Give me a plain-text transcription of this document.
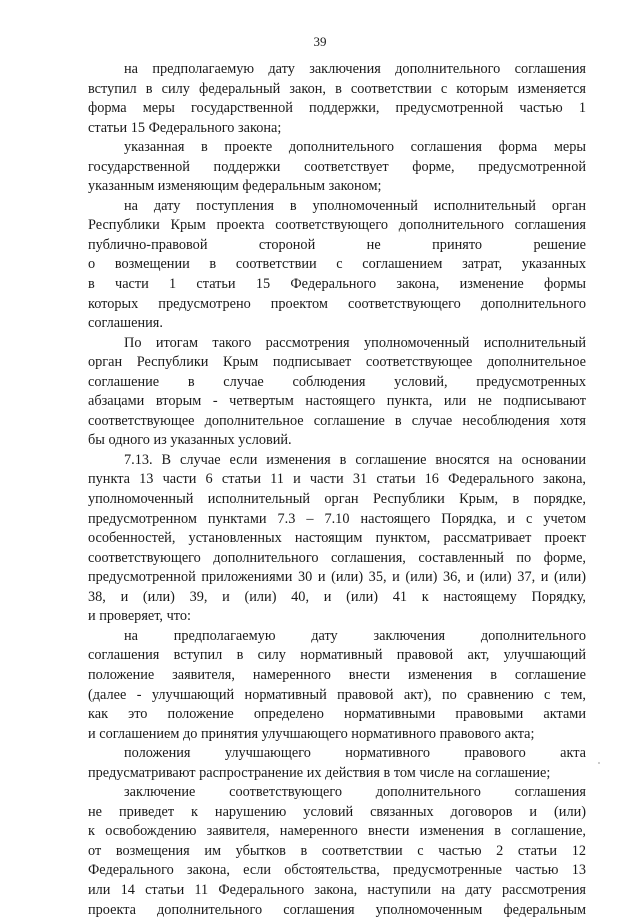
39
на предполагаемую дату заключения дополнительного соглашения
вступил в силу федеральный закон, в соответствии с которым изменяется
форма меры государственной поддержки, предусмотренной частью 1
статьи 15 Федерального закона;
указанная в проекте дополнительного соглашения форма меры
государственной поддержки соответствует форме, предусмотренной
указанным изменяющим федеральным законом;
на дату поступления в уполномоченный исполнительный орган
Республики Крым проекта соответствующего дополнительного соглашения
публично-правовой стороной не принято решение
о возмещении в соответствии с соглашением затрат, указанных
в части 1 статьи 15 Федерального закона, изменение формы
которых предусмотрено проектом соответствующего дополнительного
соглашения.
По итогам такого рассмотрения уполномоченный исполнительный
орган Республики Крым подписывает соответствующее дополнительное
соглашение в случае соблюдения условий, предусмотренных
абзацами вторым - четвертым настоящего пункта, или не подписывают
соответствующее дополнительное соглашение в случае несоблюдения хотя
бы одного из указанных условий.
7.13. В случае если изменения в соглашение вносятся на основании
пункта 13 части 6 статьи 11 и части 31 статьи 16 Федерального закона,
уполномоченный исполнительный орган Республики Крым, в порядке,
предусмотренном пунктами 7.3 – 7.10 настоящего Порядка, и с учетом
особенностей, установленных настоящим пунктом, рассматривает проект
соответствующего дополнительного соглашения, составленный по форме,
предусмотренной приложениями 30 и (или) 35, и (или) 36, и (или) 37, и (или)
38, и (или) 39, и (или) 40, и (или) 41 к настоящему Порядку,
и проверяет, что:
на предполагаемую дату заключения дополнительного
соглашения вступил в силу нормативный правовой акт, улучшающий
положение заявителя, намеренного внести изменения в соглашение
(далее - улучшающий нормативный правовой акт), по сравнению с тем,
как это положение определено нормативными правовыми актами
и соглашением до принятия улучшающего нормативного правового акта;
положения улучшающего нормативного правового акта
предусматривают распространение их действия в том числе на соглашение;
заключение соответствующего дополнительного соглашения
не приведет к нарушению условий связанных договоров и (или)
к освобождению заявителя, намеренного внести изменения в соглашение,
от возмещения им убытков в соответствии с частью 2 статьи 12
Федерального закона, если обстоятельства, предусмотренные частью 13
или 14 статьи 11 Федерального закона, наступили на дату рассмотрения
проекта дополнительного соглашения уполномоченным федеральным
